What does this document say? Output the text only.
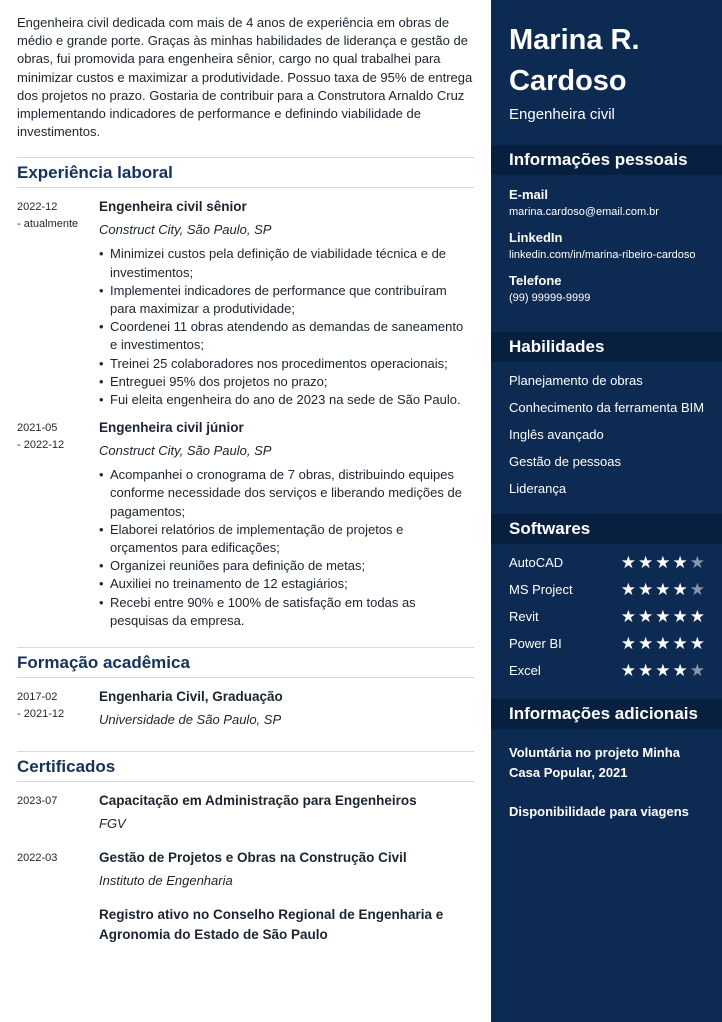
Engenheira civil dedicada com mais de 4 anos de experiência em obras de médio e grande porte. Graças às minhas habilidades de liderança e gestão de obras, fui promovida para engenheira sênior, cargo no qual trabalhei para minimizar custos e maximizar a produtividade. Possuo taxa de 95% de entrega dos projetos no prazo. Gostaria de contribuir para a Construtora Arnaldo Cruz implementando indicadores de performance e definindo viabilidade de investimentos.

Experiência laboral
2022-12
- atualmente
Engenheira civil sênior
Construct City, São Paulo, SP
• Minimizei custos pela definição de viabilidade técnica e de investimentos;
• Implementei indicadores de performance que contribuíram para maximizar a produtividade;
• Coordenei 11 obras atendendo as demandas de saneamento e investimentos;
• Treinei 25 colaboradores nos procedimentos operacionais;
• Entreguei 95% dos projetos no prazo;
• Fui eleita engenheira do ano de 2023 na sede de São Paulo.
2021-05
- 2022-12
Engenheira civil júnior
Construct City, São Paulo, SP
• Acompanhei o cronograma de 7 obras, distribuindo equipes conforme necessidade dos serviços e liberando medições de pagamentos;
• Elaborei relatórios de implementação de projetos e orçamentos para edificações;
• Organizei reuniões para definição de metas;
• Auxiliei no treinamento de 12 estagiários;
• Recebi entre 90% e 100% de satisfação em todas as pesquisas da empresa.
Formação acadêmica
2017-02
- 2021-12
Engenharia Civil, Graduação
Universidade de São Paulo, SP
Certificados
2023-07	Capacitação em Administração para Engenheiros
FGV
2022-03	Gestão de Projetos e Obras na Construção Civil
Instituto de Engenharia
Registro ativo no Conselho Regional de Engenharia e Agronomia do Estado de São Paulo
Marina R.
Cardoso
Engenheira civil
Informações pessoais
E-mail
marina.cardoso@email.com.br
LinkedIn
linkedin.com/in/marina-ribeiro-cardoso
Telefone
(99) 99999-9999
Habilidades
Planejamento de obras
Conhecimento da ferramenta BIM
Inglês avançado
Gestão de pessoas
Liderança
Softwares
AutoCAD	★ ★ ★ ★ ★
MS Project	★ ★ ★ ★ ★
Revit	★ ★ ★ ★ ★
Power BI	★ ★ ★ ★ ★
Excel	★ ★ ★ ★ ★
Informações adicionais
Voluntária no projeto Minha Casa Popular, 2021
Disponibilidade para viagens
